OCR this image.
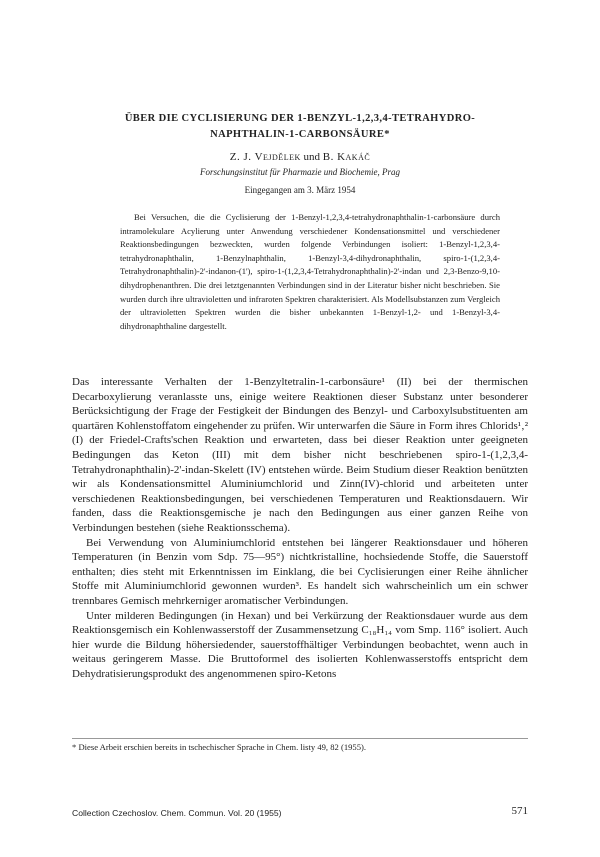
ÜBER DIE CYCLISIERUNG DER 1-BENZYL-1,2,3,4-TETRAHYDRO-
NAPHTHALIN-1-CARBONSÄURE*
Z. J. Vejdělek und B. Kakáč
Forschungsinstitut für Pharmazie und Biochemie, Prag
Eingegangen am 3. März 1954

Bei Versuchen, die die Cyclisierung der 1-Benzyl-1,2,3,4-tetrahydronaphthalin-1-carbonsäure durch intramolekulare Acylierung unter Anwendung verschiedener Kondensationsmittel und verschiedener Reaktionsbedingungen bezweckten, wurden folgende Verbindungen isoliert: 1-Benzyl-1,2,3,4-tetrahydronaphthalin, 1-Benzylnaphthalin, 1-Benzyl-3,4-dihydronaphthalin, spiro-1-(1,2,3,4-Tetrahydronaphthalin)-2'-indanon-(1'), spiro-1-(1,2,3,4-Tetrahydronaphthalin)-2'-indan und 2,3-Benzo-9,10-dihydrophenanthren. Die drei letztgenannten Verbindungen sind in der Literatur bisher nicht beschrieben. Sie wurden durch ihre ultravioletten und infraroten Spektren charakterisiert. Als Modellsubstanzen zum Vergleich der ultravioletten Spektren wurden die bisher unbekannten 1-Benzyl-1,2- und 1-Benzyl-3,4-dihydronaphthaline dargestellt.

Das interessante Verhalten der 1-Benzyltetralin-1-carbonsäure¹ (II) bei der thermischen Decarboxylierung veranlasste uns, einige weitere Reaktionen dieser Substanz unter besonderer Berücksichtigung der Frage der Festigkeit der Bindungen des Benzyl- und Carboxylsubstituenten am quartären Kohlenstoffatom eingehender zu prüfen. Wir unterwarfen die Säure in Form ihres Chlorids¹‚² (I) der Friedel-Crafts'schen Reaktion und erwarteten, dass bei dieser Reaktion unter geeigneten Bedingungen das Keton (III) mit dem bisher nicht beschriebenen spiro-1-(1,2,3,4-Tetrahydronaphthalin)-2'-indan-Skelett (IV) entstehen würde. Beim Studium dieser Reaktion benützten wir als Kondensationsmittel Aluminiumchlorid und Zinn(IV)-chlorid und arbeiteten unter verschiedenen Reaktionsbedingungen, bei verschiedenen Temperaturen und Reaktionsdauern. Wir fanden, dass die Reaktionsgemische je nach den Bedingungen aus einer ganzen Reihe von Verbindungen bestehen (siehe Reaktionsschema).

Bei Verwendung von Aluminiumchlorid entstehen bei längerer Reaktionsdauer und höheren Temperaturen (in Benzin vom Sdp. 75—95°) nichtkristalline, hochsiedende Stoffe, die Sauerstoff enthalten; dies steht mit Erkenntnissen im Einklang, die bei Cyclisierungen einer Reihe ähnlicher Stoffe mit Aluminiumchlorid gewonnen wurden³. Es handelt sich wahrscheinlich um ein schwer trennbares Gemisch mehrkerniger aromatischer Verbindungen.

Unter milderen Bedingungen (in Hexan) und bei Verkürzung der Reaktionsdauer wurde aus dem Reaktionsgemisch ein Kohlenwasserstoff der Zusammensetzung C₁₈H₁₄ vom Smp. 116° isoliert. Auch hier wurde die Bildung höhersiedender, sauerstoffhältiger Verbindungen beobachtet, wenn auch in weitaus geringerem Masse. Die Bruttoformel des isolierten Kohlenwasserstoffs entspricht dem Dehydratisierungsprodukt des angenommenen spiro-Ketons

* Diese Arbeit erschien bereits in tschechischer Sprache in Chem. listy 49, 82 (1955).

Collection Czechoslov. Chem. Commun. Vol. 20 (1955)	571
